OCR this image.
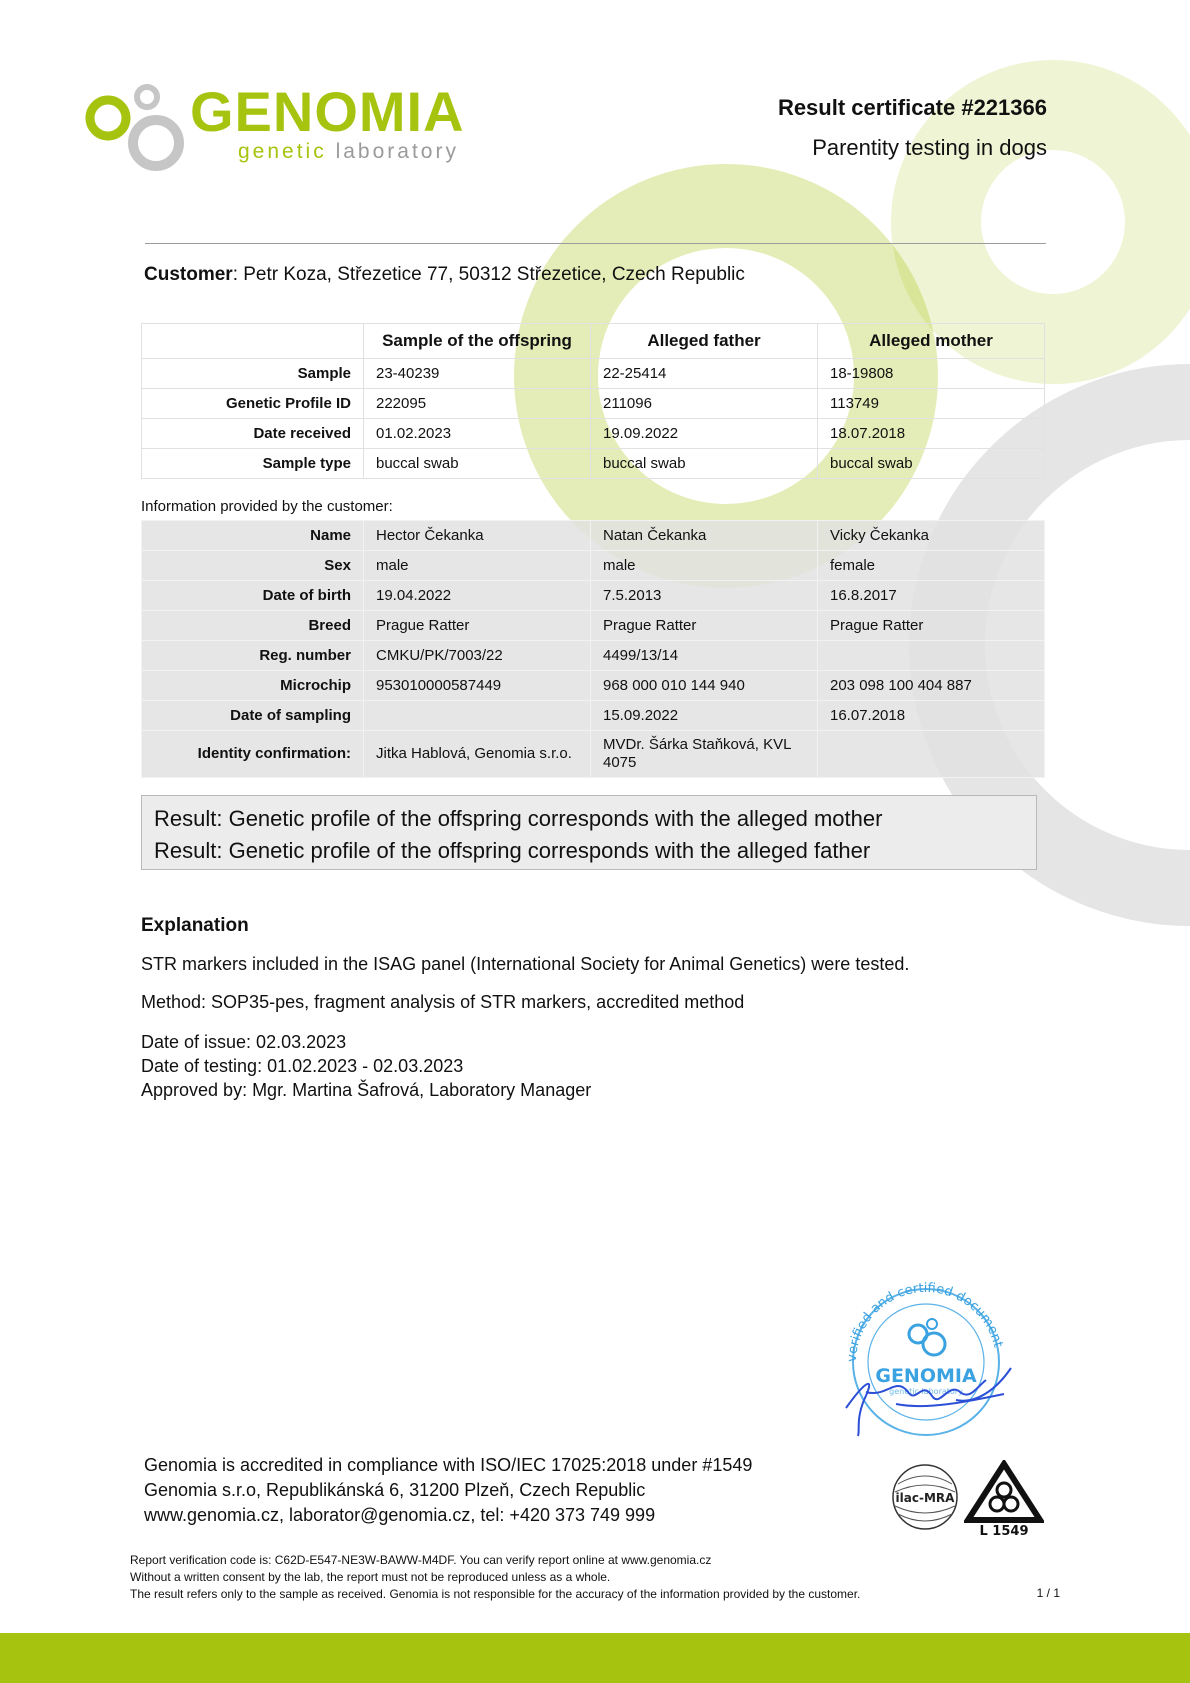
GENOMIA
genetic laboratory
Result certificate #221366
Parentity testing in dogs
Customer: Petr Koza, Střezetice 77, 50312 Střezetice, Czech Republic
	Sample of the offspring	Alleged father	Alleged mother
Sample	23-40239	22-25414	18-19808
Genetic Profile ID	222095	211096	113749
Date received	01.02.2023	19.09.2022	18.07.2018
Sample type	buccal swab	buccal swab	buccal swab
Information provided by the customer:
Name	Hector Čekanka	Natan Čekanka	Vicky Čekanka
Sex	male	male	female
Date of birth	19.04.2022	7.5.2013	16.8.2017
Breed	Prague Ratter	Prague Ratter	Prague Ratter
Reg. number	CMKU/PK/7003/22	4499/13/14	
Microchip	953010000587449	968 000 010 144 940	203 098 100 404 887
Date of sampling		15.09.2022	16.07.2018
Identity confirmation:	Jitka Hablová, Genomia s.r.o.	MVDr. Šárka Staňková, KVL 4075	
Result: Genetic profile of the offspring corresponds with the alleged mother
Result: Genetic profile of the offspring corresponds with the alleged father
Explanation
STR markers included in the ISAG panel (International Society for Animal Genetics) were tested.
Method: SOP35-pes, fragment analysis of STR markers, accredited method
Date of issue: 02.03.2023
Date of testing: 01.02.2023 - 02.03.2023
Approved by: Mgr. Martina Šafrová, Laboratory Manager
verified and certified document
GENOMIA
genetic laboratory
Genomia is accredited in compliance with ISO/IEC 17025:2018 under #1549
Genomia s.r.o, Republikánská 6, 31200 Plzeň, Czech Republic
www.genomia.cz, laborator@genomia.cz, tel: +420 373 749 999
ilac-MRA
L 1549
Report verification code is: C62D-E547-NE3W-BAWW-M4DF. You can verify report online at www.genomia.cz
Without a written consent by the lab, the report must not be reproduced unless as a whole.
The result refers only to the sample as received. Genomia is not responsible for the accuracy of the information provided by the customer.	1 / 1
